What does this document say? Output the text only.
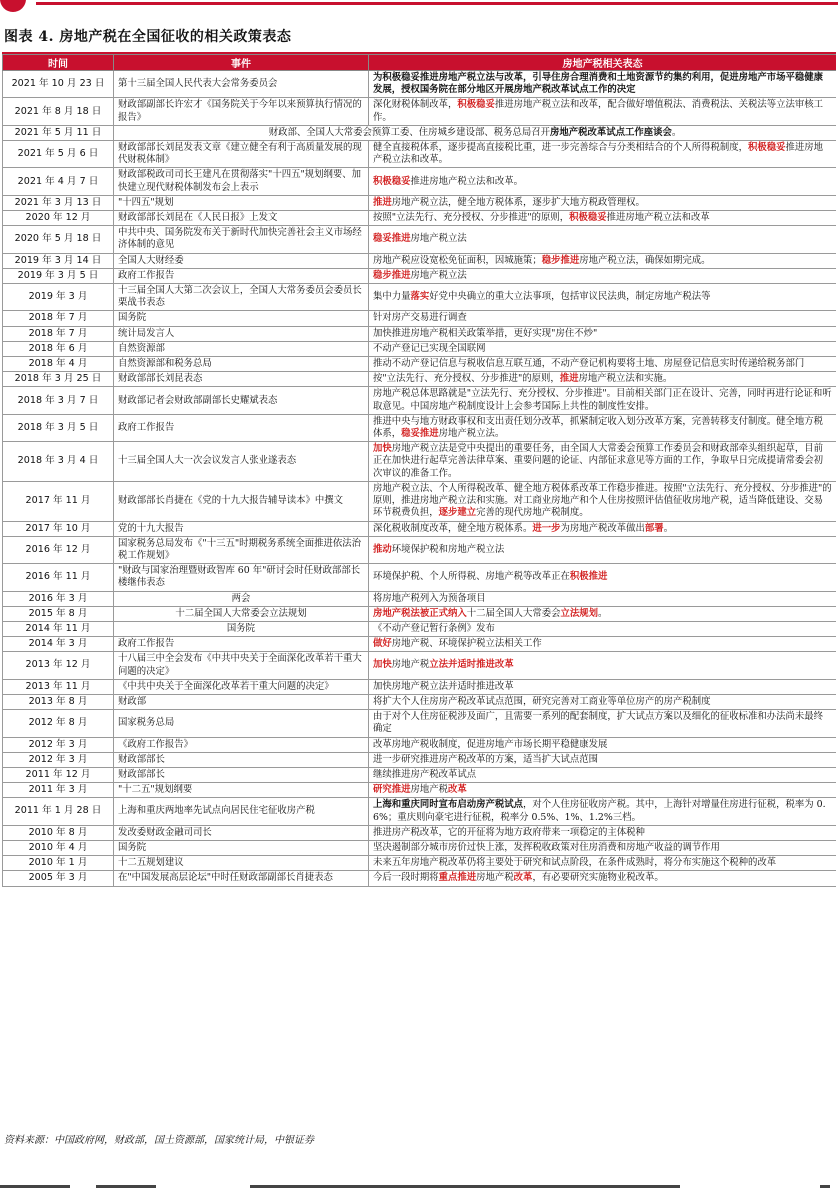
图表 4. 房地产税在全国征收的相关政策表态
时间	事件	房地产税相关表态
2021 年 10 月 23 日	第十三届全国人民代表大会常务委员会	为积极稳妥推进房地产税立法与改革，引导住房合理消费和土地资源节约集约利用，促进房地产市场平稳健康发展，授权国务院在部分地区开展房地产税改革试点工作的决定
2021 年 8 月 18 日	财政部副部长许宏才《国务院关于今年以来预算执行情况的报告》	深化财税体制改革，积极稳妥推进房地产税立法和改革，配合做好增值税法、消费税法、关税法等立法审核工作。
2021 年 5 月 11 日	财政部、全国人大常委会预算工委、住房城乡建设部、税务总局召开房地产税改革试点工作座谈会。	
2021 年 5 月 6 日	财政部部长刘昆发表文章《建立健全有利于高质量发展的现代财税体制》	健全直接税体系，逐步提高直接税比重，进一步完善综合与分类相结合的个人所得税制度，积极稳妥推进房地产税立法和改革。
2021 年 4 月 7 日	财政部税政司司长王建凡在贯彻落实"十四五"规划纲要、加快建立现代财税体制发布会上表示	积极稳妥推进房地产税立法和改革。
2021 年 3 月 13 日	"十四五"规划	推进房地产税立法，健全地方税体系，逐步扩大地方税政管理权。
2020 年 12 月	财政部部长刘昆在《人民日报》上发文	按照"立法先行、充分授权、分步推进"的原则，积极稳妥推进房地产税立法和改革
2020 年 5 月 18 日	中共中央、国务院发布关于新时代加快完善社会主义市场经济体制的意见	稳妥推进房地产税立法
2019 年 3 月 14 日	全国人大财经委	房地产税应设宽松免征面积，因城施策；稳步推进房地产税立法，确保如期完成。
2019 年 3 月 5 日	政府工作报告	稳步推进房地产税立法
2019 年 3 月	十三届全国人大第二次会议上，全国人大常务委员会委员长栗战书表态	集中力量落实好党中央确立的重大立法事项，包括审议民法典，制定房地产税法等
2018 年 7 月	国务院	针对房产交易进行调查
2018 年 7 月	统计局发言人	加快推进房地产税相关政策举措，更好实现"房住不炒"
2018 年 6 月	自然资源部	不动产登记已实现全国联网
2018 年 4 月	自然资源部和税务总局	推动不动产登记信息与税收信息互联互通，不动产登记机构要将土地、房屋登记信息实时传递给税务部门
2018 年 3 月 25 日	财政部部长刘昆表态	按"立法先行、充分授权、分步推进"的原则，推进房地产税立法和实施。
2018 年 3 月 7 日	财政部记者会财政部副部长史耀斌表态	房地产税总体思路就是"立法先行、充分授权、分步推进"。目前相关部门正在设计、完善，同时再进行论证和听取意见。中国房地产税制度设计上会参考国际上共性的制度性安排。
2018 年 3 月 5 日	政府工作报告	推进中央与地方财政事权和支出责任划分改革，抓紧制定收入划分改革方案，完善转移支付制度。健全地方税体系，稳妥推进房地产税立法。
2018 年 3 月 4 日	十三届全国人大一次会议发言人张业遂表态	加快房地产税立法是党中央提出的重要任务，由全国人大常委会预算工作委员会和财政部牵头组织起草，目前正在加快进行起草完善法律草案、重要问题的论证、内部征求意见等方面的工作，争取早日完成提请常委会初次审议的准备工作。
2017 年 11 月	财政部部长肖捷在《党的十九大报告辅导读本》中撰文	房地产税立法、个人所得税改革、健全地方税体系改革工作稳步推进。按照"立法先行、充分授权、分步推进"的原则，推进房地产税立法和实施。对工商业房地产和个人住房按照评估值征收房地产税，适当降低建设、交易环节税费负担，逐步建立完善的现代房地产税制度。
2017 年 10 月	党的十九大报告	深化税收制度改革，健全地方税体系。进一步为房地产税改革做出部署。
2016 年 12 月	国家税务总局发布《"十三五"时期税务系统全面推进依法治税工作规划》	推动环境保护税和房地产税立法
2016 年 11 月	"财政与国家治理暨财政智库 60 年"研讨会时任财政部部长楼继伟表态	环境保护税、个人所得税、房地产税等改革正在积极推进
2016 年 3 月	两会	将房地产税列入为预备项目
2015 年 8 月	十二届全国人大常委会立法规划	房地产税法被正式纳入十二届全国人大常委会立法规划。
2014 年 11 月	国务院	《不动产登记暂行条例》发布
2014 年 3 月	政府工作报告	做好房地产税、环境保护税立法相关工作
2013 年 12 月	十八届三中全会发布《中共中央关于全面深化改革若干重大问题的决定》	加快房地产税立法并适时推进改革
2013 年 11 月	《中共中央关于全面深化改革若干重大问题的决定》	加快房地产税立法并适时推进改革
2013 年 8 月	财政部	将扩大个人住房房产税改革试点范围，研究完善对工商业等单位房产的房产税制度
2012 年 8 月	国家税务总局	由于对个人住房征税涉及面广，且需要一系列的配套制度，扩大试点方案以及细化的征收标准和办法尚未最终确定
2012 年 3 月	《政府工作报告》	改革房地产税收制度，促进房地产市场长期平稳健康发展
2012 年 3 月	财政部部长	进一步研究推进房产税改革的方案，适当扩大试点范围
2011 年 12 月	财政部部长	继续推进房产税改革试点
2011 年 3 月	"十二五"规划纲要	研究推进房地产税改革
2011 年 1 月 28 日	上海和重庆两地率先试点向居民住宅征收房产税	上海和重庆同时宣布启动房产税试点，对个人住房征收房产税。其中，上海针对增量住房进行征税，税率为 0.6%；重庆则向豪宅进行征税，税率分 0.5%、1%、1.2%三档。
2010 年 8 月	发改委财政金融司司长	推进房产税改革，它的开征将为地方政府带来一项稳定的主体税种
2010 年 4 月	国务院	坚决遏制部分城市房价过快上涨，发挥税收政策对住房消费和房地产收益的调节作用
2010 年 1 月	十二五规划建议	未来五年房地产税改革仍将主要处于研究和试点阶段，在条件成熟时，将分布实施这个税种的改革
2005 年 3 月	在"中国发展高层论坛"中时任财政部副部长肖捷表态	今后一段时期将重点推进房地产税改革，有必要研究实施物业税改革。
资料来源：中国政府网，财政部，国土资源部，国家统计局，中银证券
